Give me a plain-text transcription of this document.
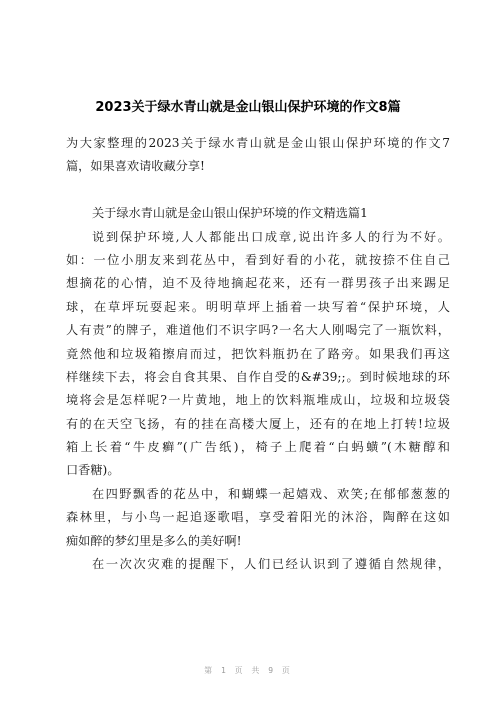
2023关于绿水青山就是金山银山保护环境的作文8篇
为大家整理的2023关于绿水青山就是金山银山保护环境的作文7
篇，如果喜欢请收藏分享!
关于绿水青山就是金山银山保护环境的作文精选篇1
说到保护环境,人人都能出口成章,说出许多人的行为不好。
如：一位小朋友来到花丛中，看到好看的小花，就按捺不住自己
想摘花的心情，迫不及待地摘起花来，还有一群男孩子出来踢足
球，在草坪玩耍起来。明明草坪上插着一块写着“保护环境，人
人有责”的牌子，难道他们不识字吗?一名大人刚喝完了一瓶饮料，
竟然他和垃圾箱擦肩而过，把饮料瓶扔在了路旁。如果我们再这
样继续下去，将会自食其果、自作自受的&#39;;。到时候地球的环
境将会是怎样呢?一片黄地，地上的饮料瓶堆成山，垃圾和垃圾袋
有的在天空飞扬，有的挂在高楼大厦上，还有的在地上打转!垃圾
箱上长着“牛皮癣”(广告纸)，椅子上爬着“白蚂蟥”(木糖醇和
口香糖)。
在四野飘香的花丛中，和蝴蝶一起嬉戏、欢笑;在郁郁葱葱的
森林里，与小鸟一起追逐歌唱，享受着阳光的沐浴，陶醉在这如
痴如醉的梦幻里是多么的美好啊!
在一次次灾难的提醒下，人们已经认识到了遵循自然规律，
第 1 页 共 9 页
